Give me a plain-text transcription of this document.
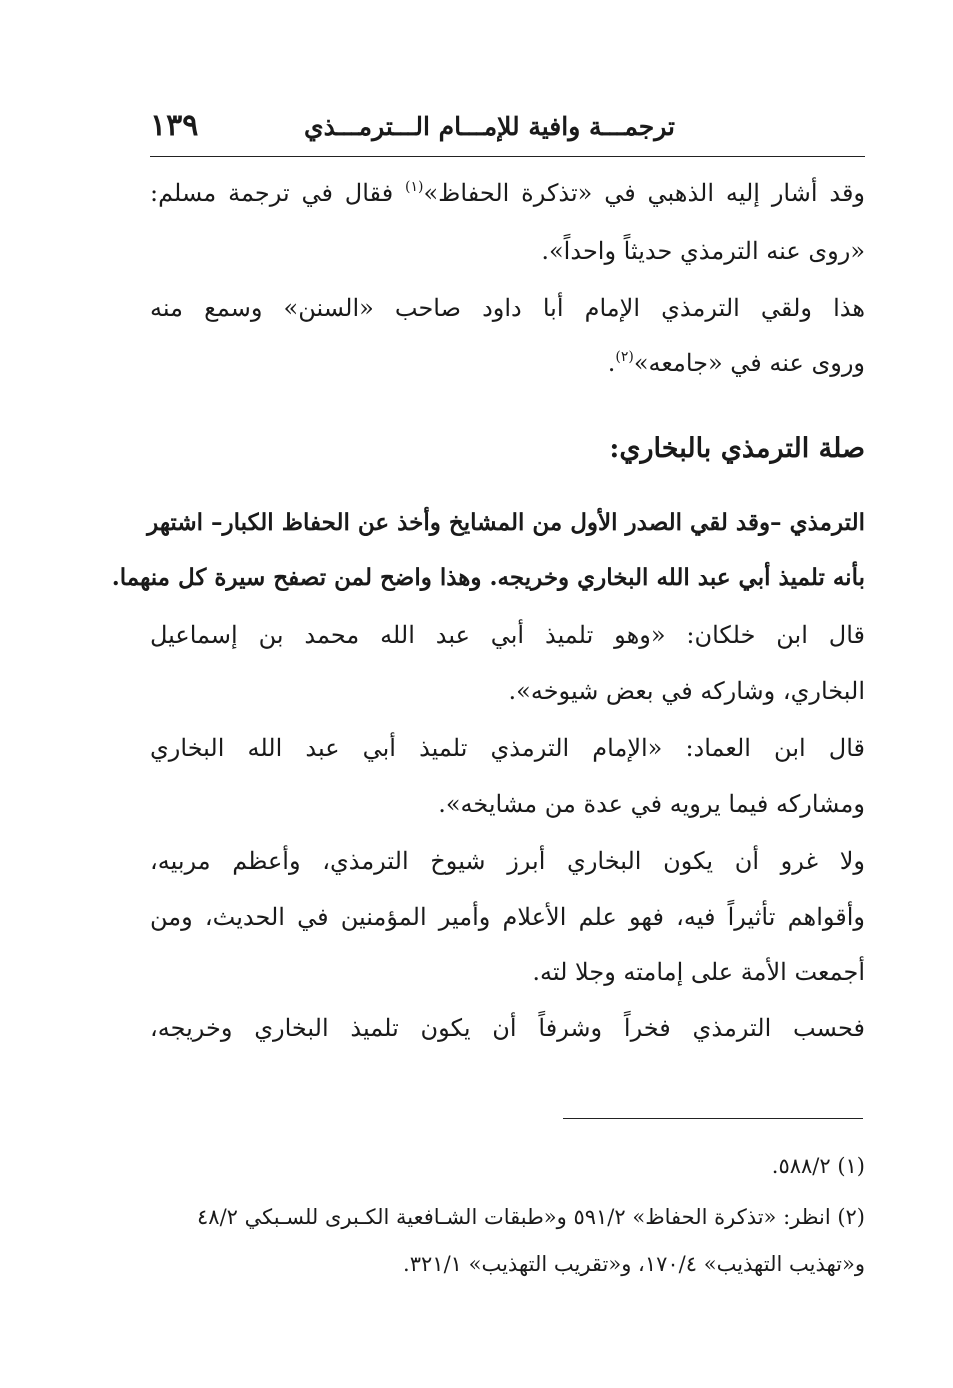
ترجمـــة وافية للإمـــام الـــترمـــذي
١٣٩
وقد أشار إليه الذهبي في «تذكرة الحفاظ»$^{(١)}$ فقال في ترجمة مسلم:
«روى عنه الترمذي حديثاً واحداً».
هذا ولقي الترمذي الإمام أبا داود صاحب «السنن» وسمع منه
وروى عنه في «جامعه»$^{(٢)}$.
صلة الترمذي بالبخاري:
الترمذي –وقد لقي الصدر الأول من المشايخ وأخذ عن الحفاظ الكبار– اشتهر
بأنه تلميذ أبي عبد الله البخاري وخريجه. وهذا واضح لمن تصفح سيرة كل منهما.
قال ابن خلكان: «وهو تلميذ أبي عبد الله محمد بن إسماعيل
البخاري، وشاركه في بعض شيوخه».
قال ابن العماد: «الإمام الترمذي تلميذ أبي عبد الله البخاري
ومشاركه فيما يرويه في عدة من مشايخه».
ولا غرو أن يكون البخاري أبرز شيوخ الترمذي، وأعظم مربيه،
وأقواهم تأثيراً فيه، فهو علم الأعلام وأمير المؤمنين في الحديث، ومن
أجمعت الأمة على إمامته وجلا لته.
فحسب الترمذي فخراً وشرفاً أن يكون تلميذ البخاري وخريجه،
(١) ٥٨٨/٢.
(٢) انظر: «تذكرة الحفاظ» ٥٩١/٢ و«طبقات الشـافعية الكـبرى للسـبكي ٤٨/٢
و«تهذيب التهذيب» ١٧٠/٤، و«تقريب التهذيب» ٣٢١/١.
